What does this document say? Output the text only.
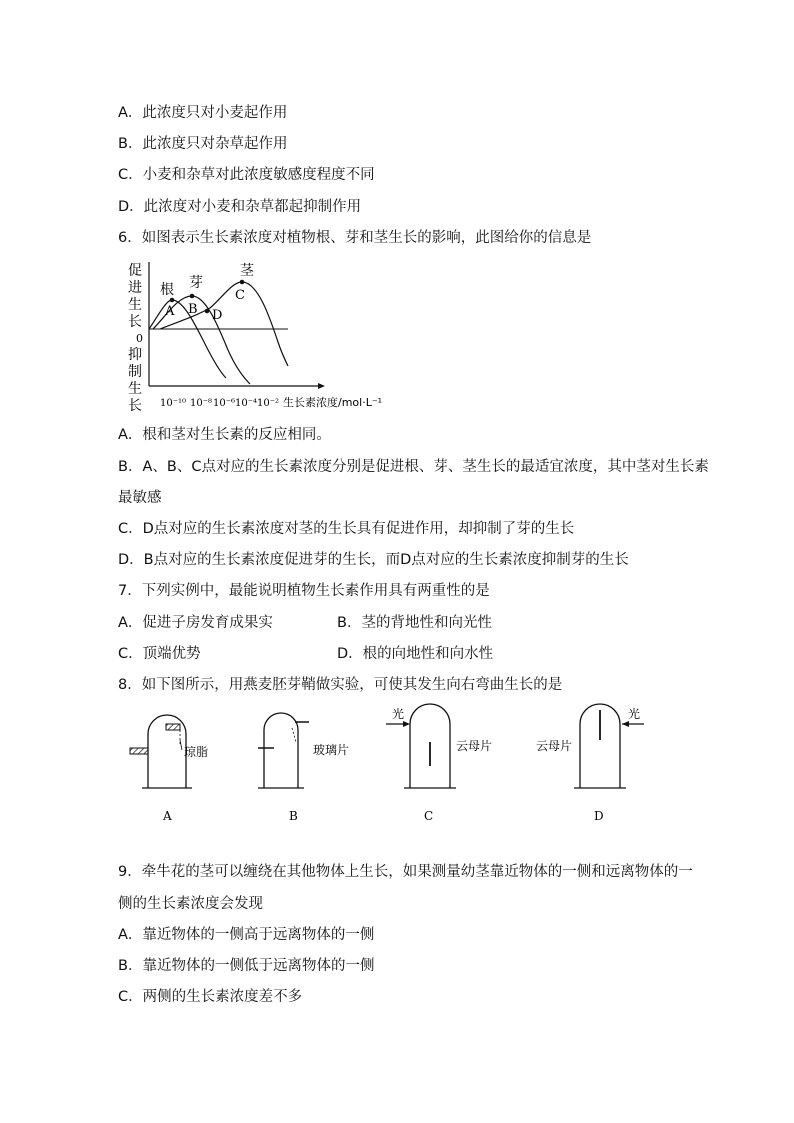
A．此浓度只对小麦起作用
B．此浓度只对杂草起作用
C．小麦和杂草对此浓度敏感度程度不同
D．此浓度对小麦和杂草都起抑制作用
6．如图表示生长素浓度对植物根、芽和茎生长的影响，此图给你的信息是
促
进
生
长
0
抑
制
生
长
根 芽
茎
A B
C
D
10⁻¹⁰ 10⁻⁸ 10⁻⁶ 10⁻⁴ 10⁻² 生长素浓度/mol·L⁻¹
A．根和茎对生长素的反应相同。
B．A、B、C点对应的生长素浓度分别是促进根、芽、茎生长的最适宜浓度，其中茎对生长素
最敏感
C．D点对应的生长素浓度对茎的生长具有促进作用，却抑制了芽的生长
D．B点对应的生长素浓度促进芽的生长，而D点对应的生长素浓度抑制芽的生长
7．下列实例中，最能说明植物生长素作用具有两重性的是
A．促进子房发育成果实	B．茎的背地性和向光性
C．顶端优势	D．根的向地性和向水性
8．如下图所示，用燕麦胚芽鞘做实验，可使其发生向右弯曲生长的是
琼脂	玻璃片
光
云母片
光
云母片
A	B	C	D
9．牵牛花的茎可以缠绕在其他物体上生长，如果测量幼茎靠近物体的一侧和远离物体的一
侧的生长素浓度会发现
A．靠近物体的一侧高于远离物体的一侧
B．靠近物体的一侧低于远离物体的一侧
C．两侧的生长素浓度差不多
